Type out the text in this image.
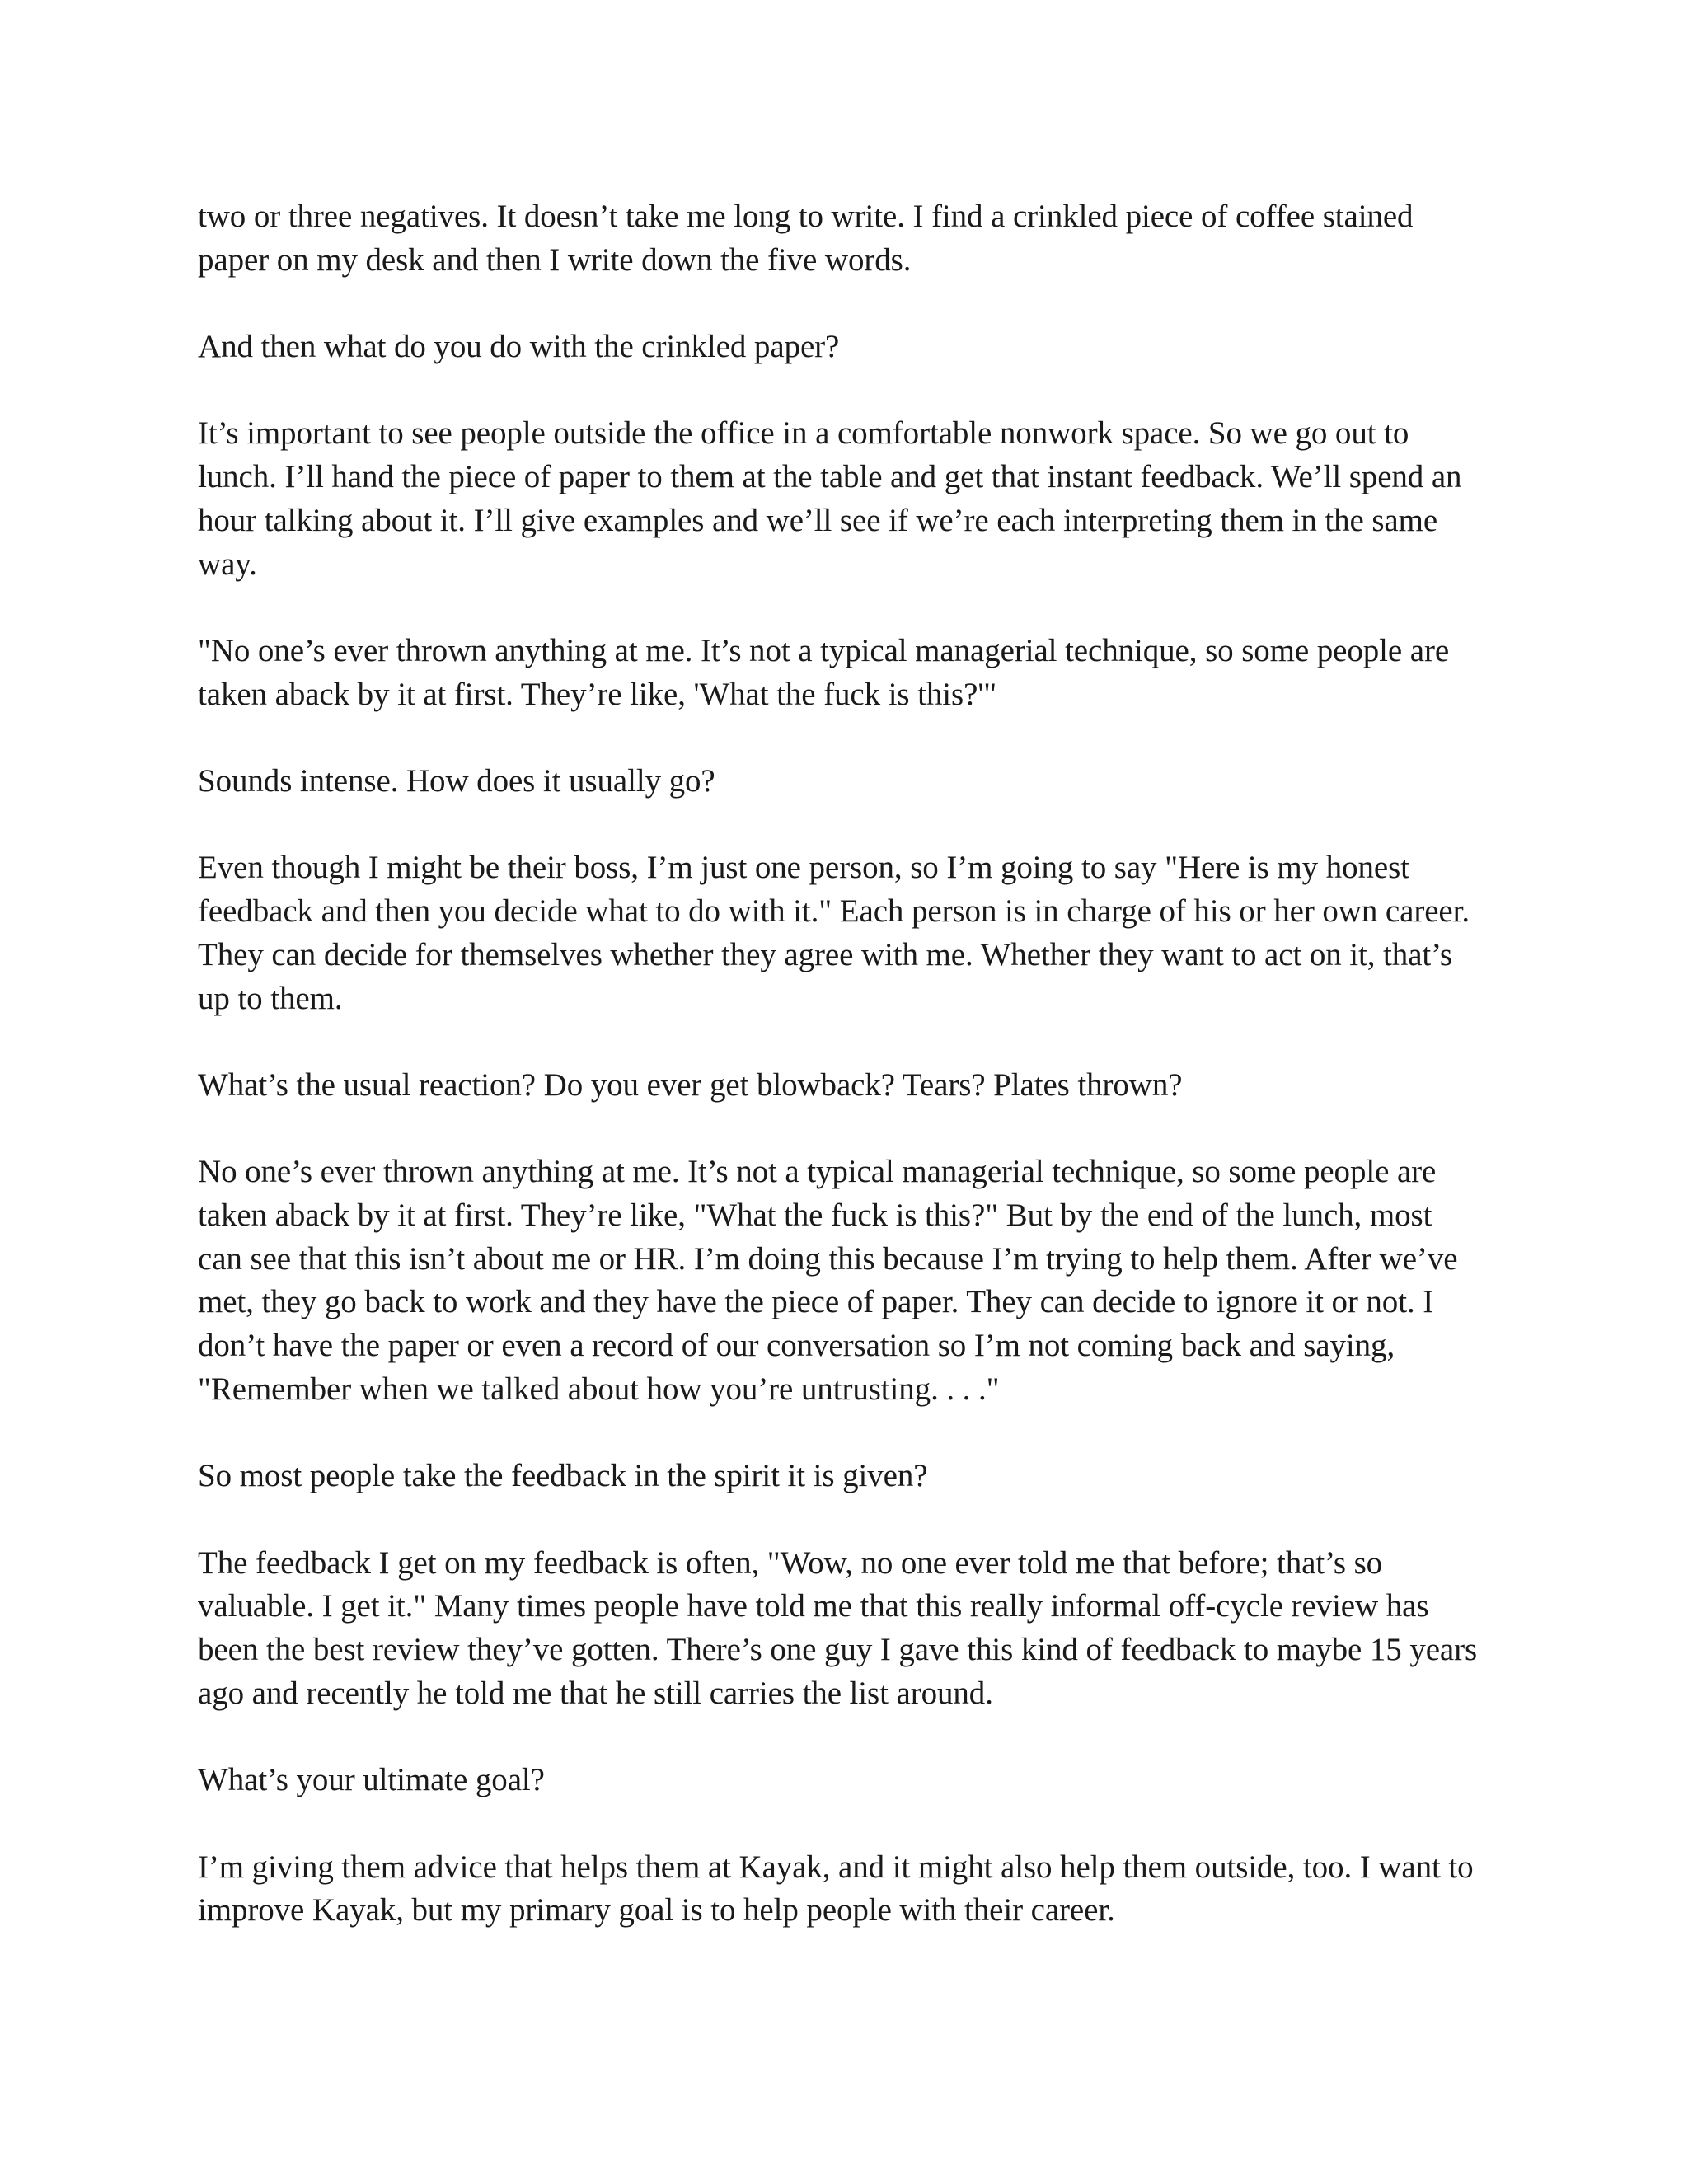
two or three negatives. It doesn’t take me long to write. I find a crinkled piece of coffee stained paper on my desk and then I write down the five words.

And then what do you do with the crinkled paper?

It’s important to see people outside the office in a comfortable nonwork space. So we go out to lunch. I’ll hand the piece of paper to them at the table and get that instant feedback. We’ll spend an hour talking about it. I’ll give examples and we’ll see if we’re each interpreting them in the same way.

"No one’s ever thrown anything at me. It’s not a typical managerial technique, so some people are taken aback by it at first. They’re like, 'What the fuck is this?'"

Sounds intense. How does it usually go?

Even though I might be their boss, I’m just one person, so I’m going to say "Here is my honest feedback and then you decide what to do with it." Each person is in charge of his or her own career. They can decide for themselves whether they agree with me. Whether they want to act on it, that’s up to them.

What’s the usual reaction? Do you ever get blowback? Tears? Plates thrown?

No one’s ever thrown anything at me. It’s not a typical managerial technique, so some people are taken aback by it at first. They’re like, "What the fuck is this?" But by the end of the lunch, most can see that this isn’t about me or HR. I’m doing this because I’m trying to help them. After we’ve met, they go back to work and they have the piece of paper. They can decide to ignore it or not. I don’t have the paper or even a record of our conversation so I’m not coming back and saying, "Remember when we talked about how you’re untrusting. . . ."

So most people take the feedback in the spirit it is given?

The feedback I get on my feedback is often, "Wow, no one ever told me that before; that’s so valuable. I get it." Many times people have told me that this really informal off-cycle review has been the best review they’ve gotten. There’s one guy I gave this kind of feedback to maybe 15 years ago and recently he told me that he still carries the list around.

What’s your ultimate goal?

I’m giving them advice that helps them at Kayak, and it might also help them outside, too. I want to improve Kayak, but my primary goal is to help people with their career.
